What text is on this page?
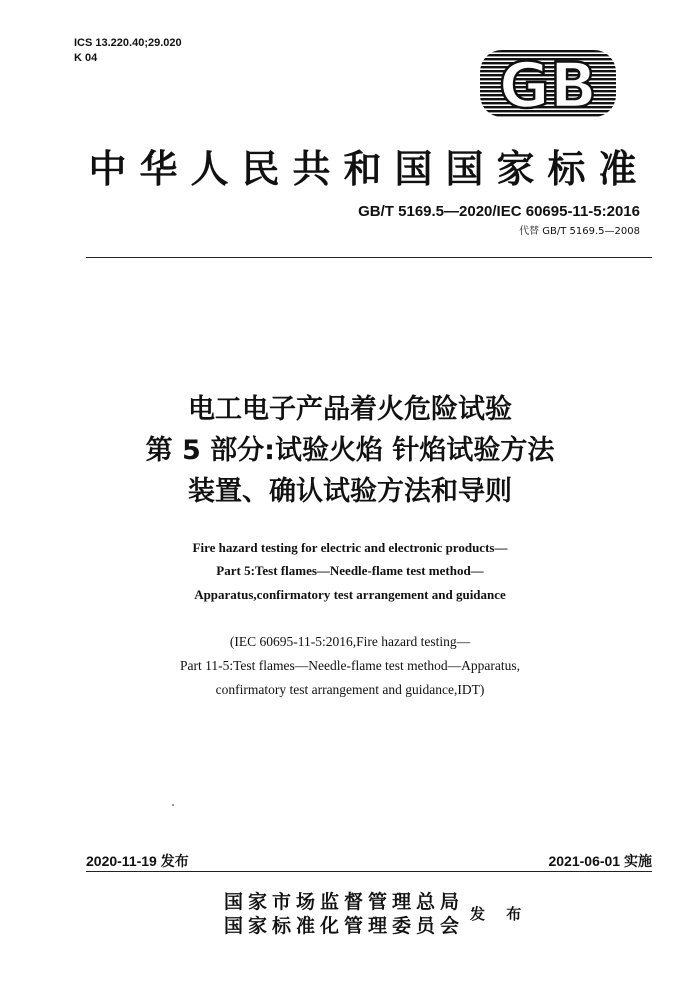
ICS 13.220.40;29.020
K 04	GB
中华人民共和国国家标准
GB/T 5169.5—2020/IEC 60695-11-5:2016
代替 GB/T 5169.5—2008
电工电子产品着火危险试验
第 5 部分:试验火焰 针焰试验方法
装置、确认试验方法和导则
Fire hazard testing for electric and electronic products—
Part 5:Test flames—Needle-flame test method—
Apparatus,confirmatory test arrangement and guidance
(IEC 60695-11-5:2016,Fire hazard testing—
Part 11-5:Test flames—Needle-flame test method—Apparatus,
confirmatory test arrangement and guidance,IDT)
2020-11-19 发布	2021-06-01 实施
国家市场监督管理总局
国家标准化管理委员会
发 布
